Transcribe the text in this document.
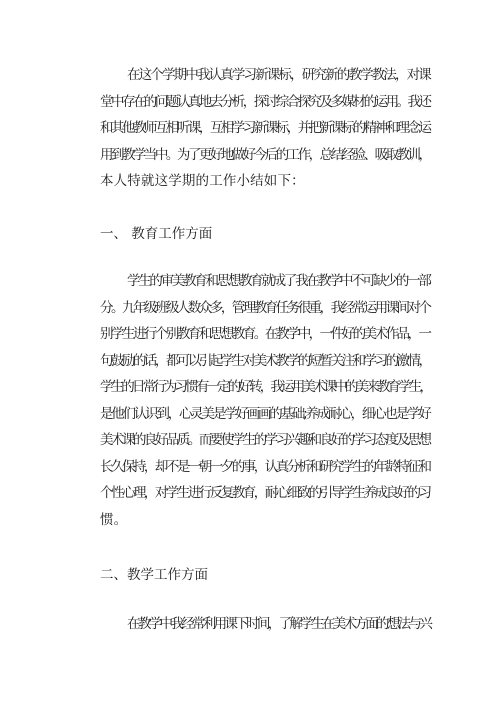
在这个学期中我认真学习新课标，研究新的教学教法，对课
堂中存在的问题认真地去分析，探讨综合探究及多媒材的运用。我还
和其他教师互相听课，互相学习新课标，并把新课标的精神和理念运
用到教学当中。为了更好地做好今后的工作，总结经验、吸取教训，
本人特就这学期的工作小结如下：
一、 教育工作方面
学生的审美教育和思想教育就成了我在教学中不可缺少的一部
分。九年级班级人数众多，管理教育任务很重，我经常运用课间对个
别学生进行个别教育和思想教育。在教学中，一件好的美术作品，一
句鼓励的话，都可以引起学生对美术教学的短暂关注和学习的激情，
学生的日常行为习惯有一定的好转，我运用美术课中的美来教育学生，
是他们认识到，心灵美是学好画画的基础;养成耐心，细心也是学好
美术课的良好品质。而要使学生的学习兴趣和良好的学习态度及思想
长久保持，却不是一朝一夕的事，认真分析和研究学生的年龄特征和
个性心理，对学生进行反复教育，耐心细致的引导学生养成良好的习
惯。
二、教学工作方面
在教学中我经常利用课下时间，了解学生在美术方面的想法与兴
